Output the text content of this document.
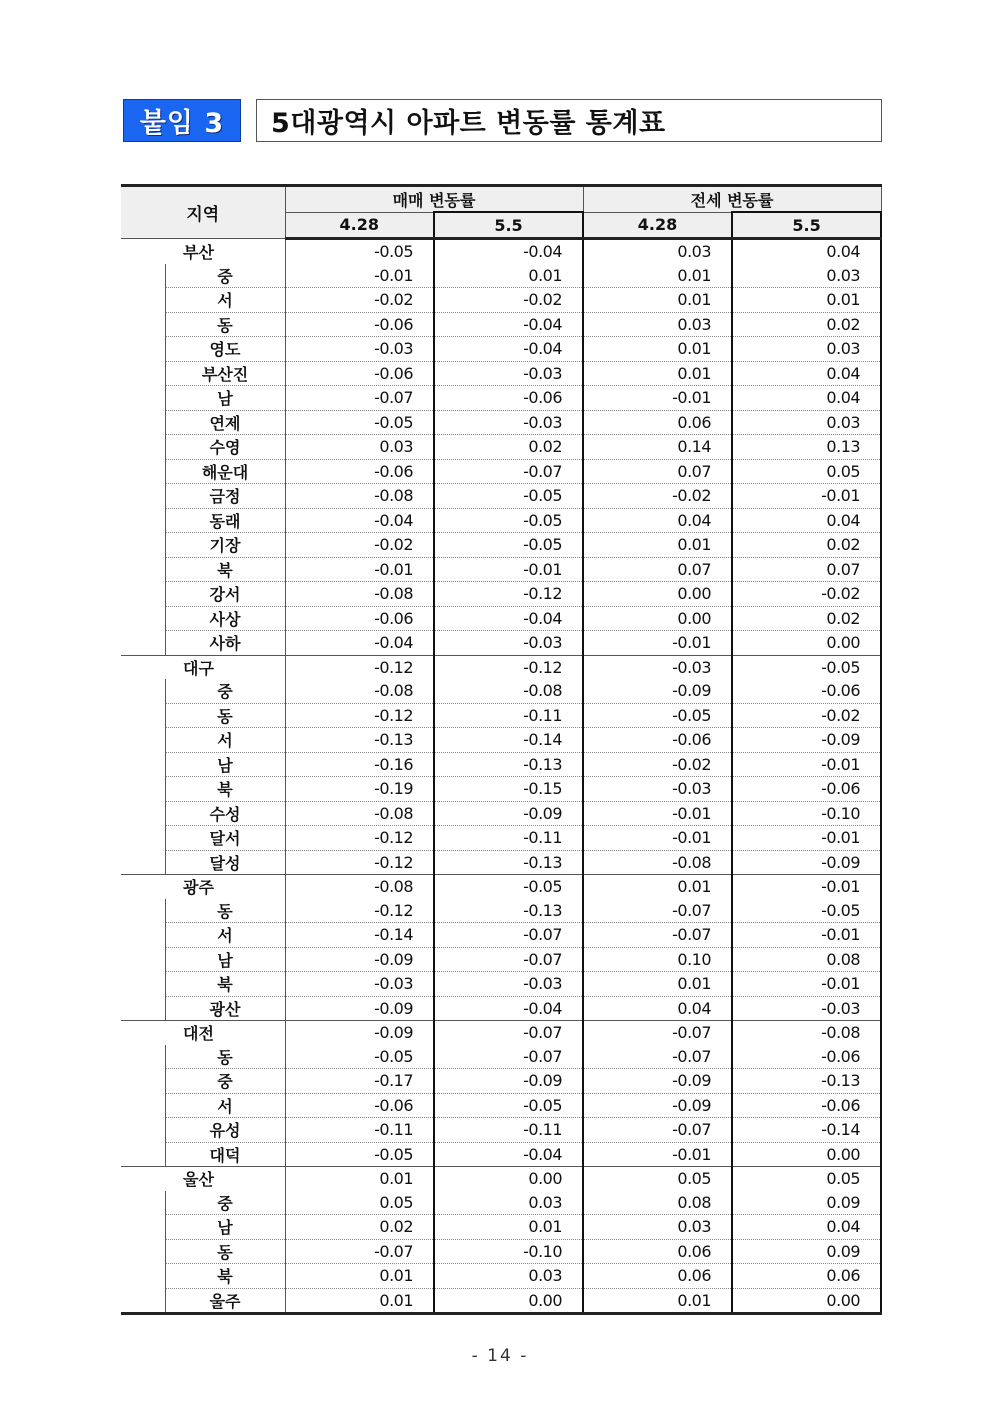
붙임 3	5대광역시 아파트 변동률 통계표
지역		매매 변동률		전세 변동률	
		4.28	5.5	4.28	5.5
부산		-0.05	-0.04	0.03	0.04
	중	-0.01	0.01	0.01	0.03
	서	-0.02	-0.02	0.01	0.01
	동	-0.06	-0.04	0.03	0.02
	영도	-0.03	-0.04	0.01	0.03
	부산진	-0.06	-0.03	0.01	0.04
	남	-0.07	-0.06	-0.01	0.04
	연제	-0.05	-0.03	0.06	0.03
	수영	0.03	0.02	0.14	0.13
	해운대	-0.06	-0.07	0.07	0.05
	금정	-0.08	-0.05	-0.02	-0.01
	동래	-0.04	-0.05	0.04	0.04
	기장	-0.02	-0.05	0.01	0.02
	북	-0.01	-0.01	0.07	0.07
	강서	-0.08	-0.12	0.00	-0.02
	사상	-0.06	-0.04	0.00	0.02
	사하	-0.04	-0.03	-0.01	0.00
대구		-0.12	-0.12	-0.03	-0.05
	중	-0.08	-0.08	-0.09	-0.06
	동	-0.12	-0.11	-0.05	-0.02
	서	-0.13	-0.14	-0.06	-0.09
	남	-0.16	-0.13	-0.02	-0.01
	북	-0.19	-0.15	-0.03	-0.06
	수성	-0.08	-0.09	-0.01	-0.10
	달서	-0.12	-0.11	-0.01	-0.01
	달성	-0.12	-0.13	-0.08	-0.09
광주		-0.08	-0.05	0.01	-0.01
	동	-0.12	-0.13	-0.07	-0.05
	서	-0.14	-0.07	-0.07	-0.01
	남	-0.09	-0.07	0.10	0.08
	북	-0.03	-0.03	0.01	-0.01
	광산	-0.09	-0.04	0.04	-0.03
대전		-0.09	-0.07	-0.07	-0.08
	동	-0.05	-0.07	-0.07	-0.06
	중	-0.17	-0.09	-0.09	-0.13
	서	-0.06	-0.05	-0.09	-0.06
	유성	-0.11	-0.11	-0.07	-0.14
	대덕	-0.05	-0.04	-0.01	0.00
울산		0.01	0.00	0.05	0.05
	중	0.05	0.03	0.08	0.09
	남	0.02	0.01	0.03	0.04
	동	-0.07	-0.10	0.06	0.09
	북	0.01	0.03	0.06	0.06
	울주	0.01	0.00	0.01	0.00
- 14 -
